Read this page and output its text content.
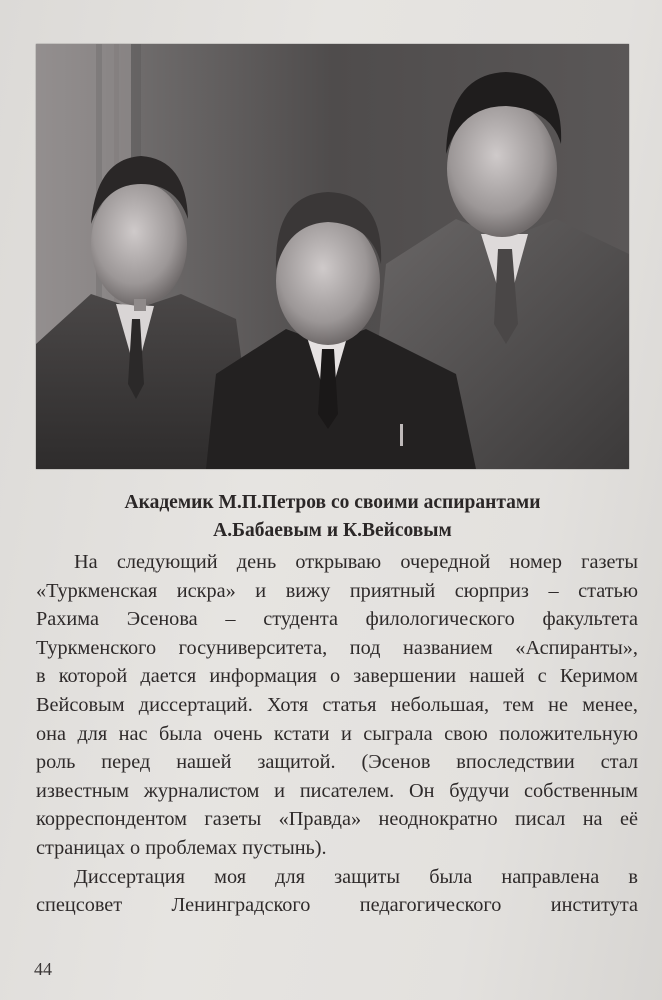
Академик М.П.Петров со своими аспирантами
А.Бабаевым и К.Вейсовым

На следующий день открываю очередной номер газеты
«Туркменская искра» и вижу приятный сюрприз – статью
Рахима Эсенова – студента филологического факультета
Туркменского госуниверситета, под названием «Аспиранты»,
в которой дается информация о завершении нашей с Керимом
Вейсовым диссертаций. Хотя статья небольшая, тем не менее,
она для нас была очень кстати и сыграла свою положительную
роль перед нашей защитой. (Эсенов впоследствии стал
известным журналистом и писателем. Он будучи собственным
корреспондентом газеты «Правда» неоднократно писал на её
страницах о проблемах пустынь).

Диссертация моя для защиты была направлена в
спецсовет Ленинградского педагогического института

44
